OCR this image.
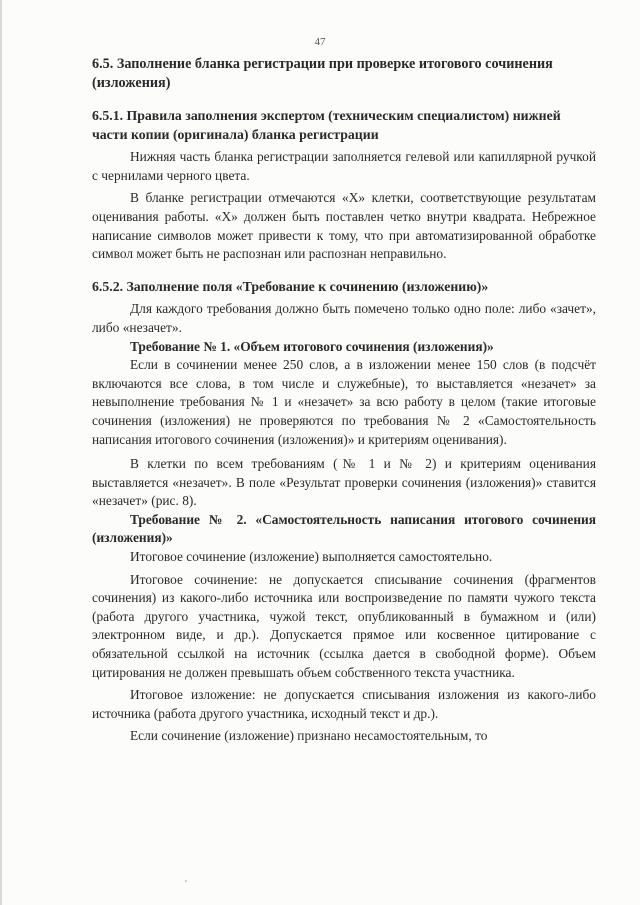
47
6.5. Заполнение бланка регистрации при проверке итогового сочинения (изложения)
6.5.1. Правила заполнения экспертом (техническим специалистом) нижней части копии (оригинала) бланка регистрации

Нижняя часть бланка регистрации заполняется гелевой или капиллярной ручкой с чернилами черного цвета.

В бланке регистрации отмечаются «Х» клетки, соответствующие результатам оценивания работы. «Х» должен быть поставлен четко внутри квадрата. Небрежное написание символов может привести к тому, что при автоматизированной обработке символ может быть не распознан или распознан неправильно.

6.5.2. Заполнение поля «Требование к сочинению (изложению)»

Для каждого требования должно быть помечено только одно поле: либо «зачет», либо «незачет».

Требование № 1. «Объем итогового сочинения (изложения)»

Если в сочинении менее 250 слов, а в изложении менее 150 слов (в подсчёт включаются все слова, в том числе и служебные), то выставляется «незачет» за невыполнение требования № 1 и «незачет» за всю работу в целом (такие итоговые сочинения (изложения) не проверяются по требования № 2 «Самостоятельность написания итогового сочинения (изложения)» и критериям оценивания).

В клетки по всем требованиям (№ 1 и № 2) и критериям оценивания выставляется «незачет». В поле «Результат проверки сочинения (изложения)» ставится «незачет» (рис. 8).

Требование № 2. «Самостоятельность написания итогового сочинения (изложения)»

Итоговое сочинение (изложение) выполняется самостоятельно.

Итоговое сочинение: не допускается списывание сочинения (фрагментов сочинения) из какого-либо источника или воспроизведение по памяти чужого текста (работа другого участника, чужой текст, опубликованный в бумажном и (или) электронном виде, и др.). Допускается прямое или косвенное цитирование с обязательной ссылкой на источник (ссылка дается в свободной форме). Объем цитирования не должен превышать объем собственного текста участника.

Итоговое изложение: не допускается списывания изложения из какого-либо источника (работа другого участника, исходный текст и др.).

Если сочинение (изложение) признано несамостоятельным, то
